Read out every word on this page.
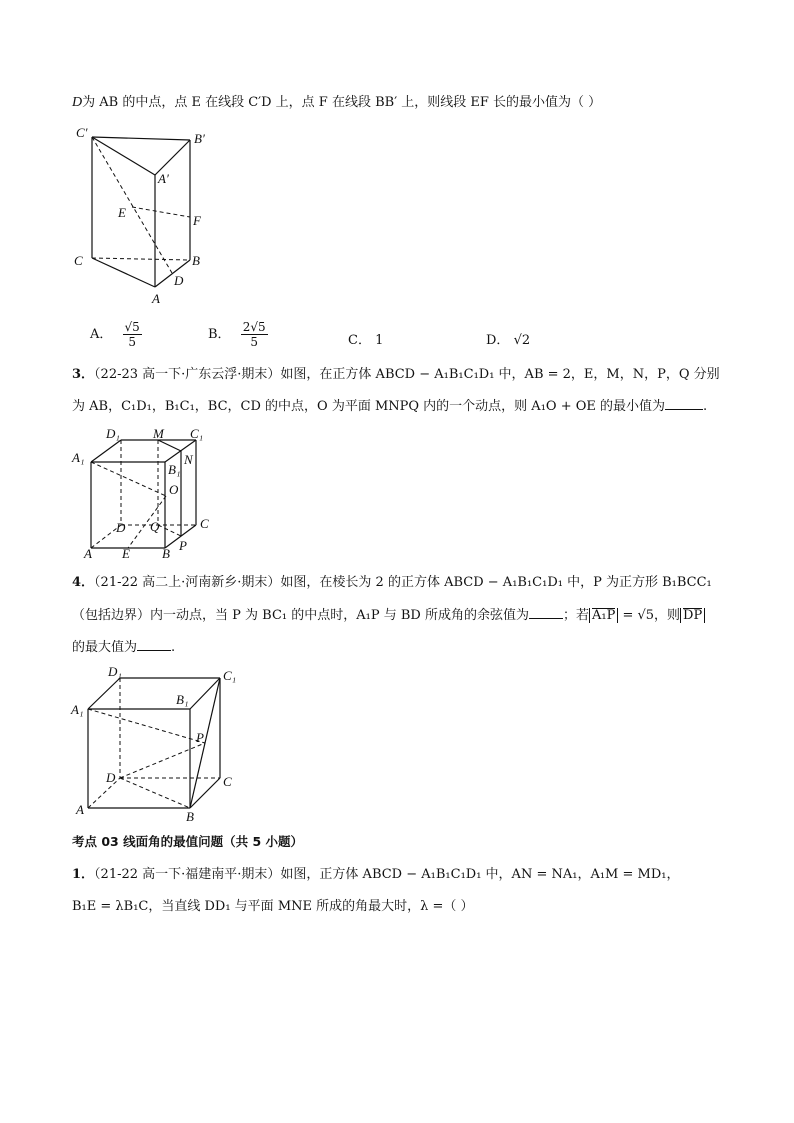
D为 AB 的中点，点 E 在线段 C′D 上，点 F 在线段 BB′ 上，则线段 EF 长的最小值为（ ）
C′	B′
A′
E
F
C	B
D
A
A． $\frac{√5}{5}$	B． $\frac{2√5}{5}$	C． 1	D． √2
3．（22-23 高一下·广东云浮·期末）如图，在正方体 ABCD − A₁B₁C₁D₁ 中，AB = 2，E，M，N，P，Q 分别
为 AB，C₁D₁，B₁C₁，BC，CD 的中点，O 为平面 MNPQ 内的一个动点，则 A₁O + OE 的最小值为	.
D₁	M C₁
A₁
B₁
N
O
D Q	C
P
A E B
4．（21-22 高二上·河南新乡·期末）如图，在棱长为 2 的正方体 ABCD − A₁B₁C₁D₁ 中，P 为正方形 B₁BCC₁
（包括边界）内一动点，当 P 为 BC₁ 的中点时，A₁P 与 BD 所成角的余弦值为	；若 A₁P = √5，则 DP
的最大值为	.
D₁	C₁
B₁
A₁
P
D	C
A	B
考点 03 线面角的最值问题（共 5 小题）
1．（21-22 高一下·福建南平·期末）如图，正方体 ABCD − A₁B₁C₁D₁ 中，AN = NA₁，A₁M = MD₁，
B₁E = λB₁C，当直线 DD₁ 与平面 MNE 所成的角最大时，λ =（ ）
